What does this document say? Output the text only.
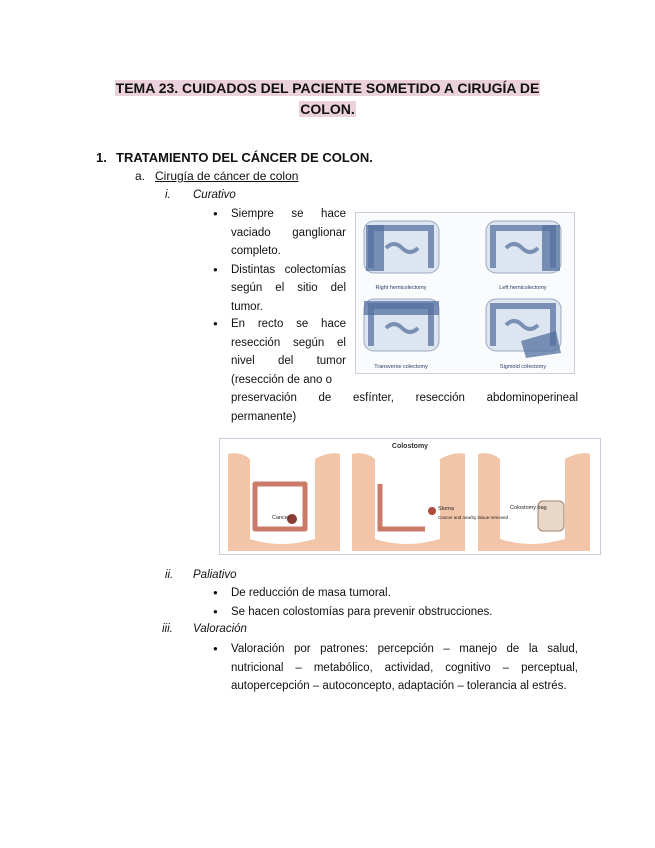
TEMA 23. CUIDADOS DEL PACIENTE SOMETIDO A CIRUGÍA DE
COLON.
1. TRATAMIENTO DEL CÁNCER DE COLON.
a. Cirugía de cáncer de colon
i. Curativo
● Siempre se hace vaciado ganglionar completo.
● Distintas colectomías según el sitio del tumor.
● En recto se hace resección según el nivel del tumor (resección de ano o
preservación de esfínter, resección abdominoperineal
permanente)
Right hemicolectomy	Left hemicolectomy
Transverse colectomy	Sigmoid colectomy
Colostomy
Cancer
Stoma
Cancer and nearby tissue removed
Colostomy bag
ii. Paliativo
● De reducción de masa tumoral.
● Se hacen colostomías para prevenir obstrucciones.
iii. Valoración
● Valoración por patrones: percepción – manejo de la salud, nutricional – metabólico, actividad, cognitivo – perceptual, autopercepción – autoconcepto, adaptación – tolerancia al estrés.
